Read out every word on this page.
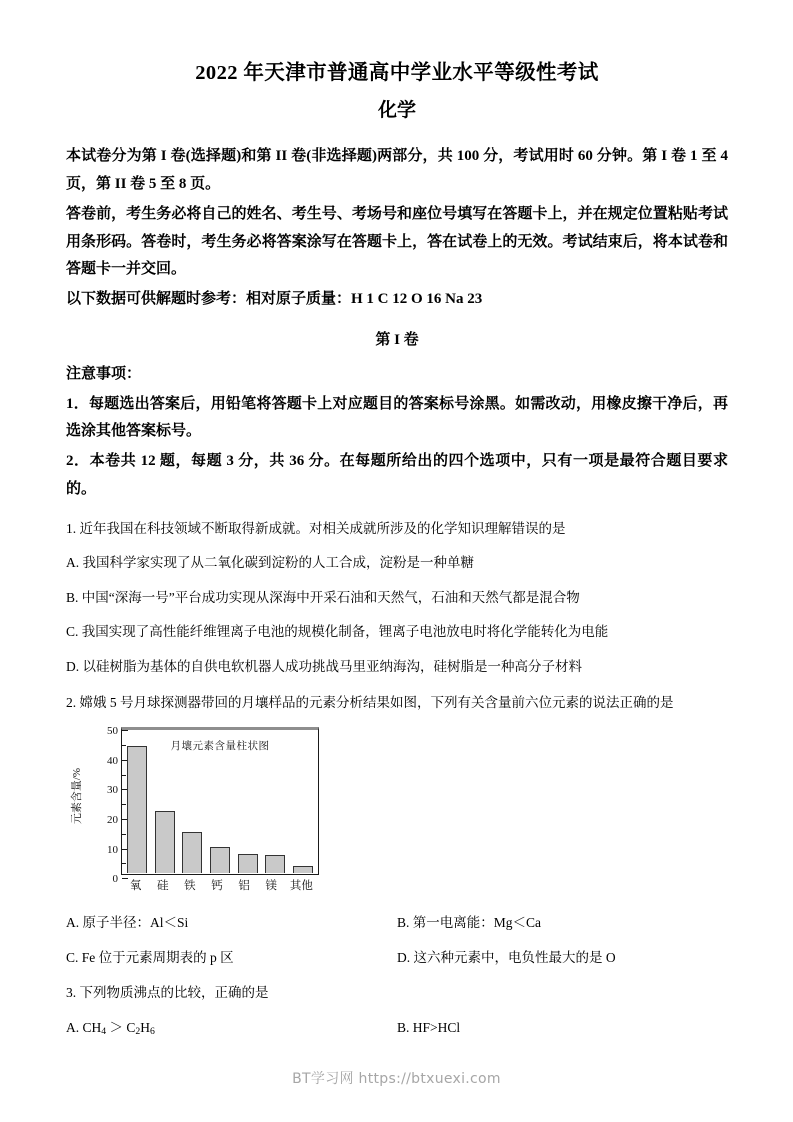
2022 年天津市普通高中学业水平等级性考试
化学

本试卷分为第 I 卷(选择题)和第 II 卷(非选择题)两部分，共 100 分，考试用时 60 分钟。第 I 卷 1 至 4 页，第 II 卷 5 至 8 页。

答卷前，考生务必将自己的姓名、考生号、考场号和座位号填写在答题卡上，并在规定位置粘贴考试用条形码。答卷时，考生务必将答案涂写在答题卡上，答在试卷上的无效。考试结束后，将本试卷和答题卡一并交回。

以下数据可供解题时参考：相对原子质量：H 1 C 12 O 16 Na 23

第 I 卷
注意事项：

1．每题选出答案后，用铅笔将答题卡上对应题目的答案标号涂黑。如需改动，用橡皮擦干净后，再选涂其他答案标号。

2．本卷共 12 题，每题 3 分，共 36 分。在每题所给出的四个选项中，只有一项是最符合题目要求的。

1. 近年我国在科技领域不断取得新成就。对相关成就所涉及的化学知识理解错误的是
A. 我国科学家实现了从二氧化碳到淀粉的人工合成，淀粉是一种单糖
B. 中国“深海一号”平台成功实现从深海中开采石油和天然气，石油和天然气都是混合物
C. 我国实现了高性能纤维锂离子电池的规模化制备，锂离子电池放电时将化学能转化为电能
D. 以硅树脂为基体的自供电软机器人成功挑战马里亚纳海沟，硅树脂是一种高分子材料
2. 嫦娥 5 号月球探测器带回的月壤样品的元素分析结果如图，下列有关含量前六位元素的说法正确的是
元素含量/%
月壤元素含量柱状图
0
10
20
30
40
50
氧	硅	铁	钙	铝	镁	其他
A. 原子半径：Al＜Si	B. 第一电离能：Mg＜Ca
C. Fe 位于元素周期表的 p 区	D. 这六种元素中，电负性最大的是 O
3. 下列物质沸点的比较，正确的是
A. $CH_4 > C_2H_6$	B. HF>HCl
BT学习网 https://btxuexi.com
